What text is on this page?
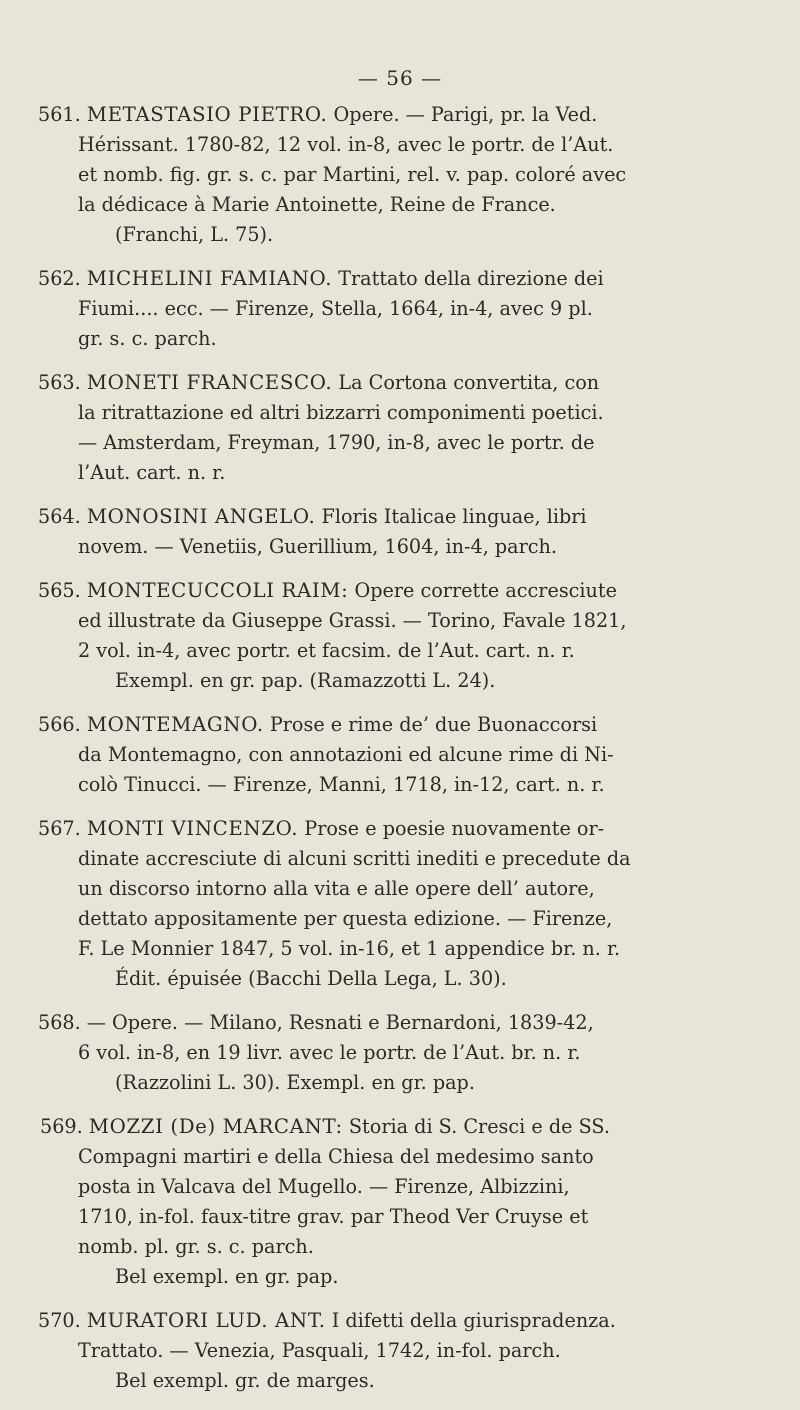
— 56 —
561. METASTASIO PIETRO. Opere. — Parigi, pr. la Ved.
Hérissant. 1780-82, 12 vol. in-8, avec le portr. de l’Aut.
et nomb. fig. gr. s. c. par Martini, rel. v. pap. coloré avec
la dédicace à Marie Antoinette, Reine de France.
(Franchi, L. 75).
562. MICHELINI FAMIANO. Trattato della direzione dei
Fiumi.... ecc. — Firenze, Stella, 1664, in-4, avec 9 pl.
gr. s. c. parch.
563. MONETI FRANCESCO. La Cortona convertita, con
la ritrattazione ed altri bizzarri componimenti poetici.
— Amsterdam, Freyman, 1790, in-8, avec le portr. de
l’Aut. cart. n. r.
564. MONOSINI ANGELO. Floris Italicae linguae, libri
novem. — Venetiis, Guerillium, 1604, in-4, parch.
565. MONTECUCCOLI RAIM: Opere corrette accresciute
ed illustrate da Giuseppe Grassi. — Torino, Favale 1821,
2 vol. in-4, avec portr. et facsim. de l’Aut. cart. n. r.
Exempl. en gr. pap. (Ramazzotti L. 24).
566. MONTEMAGNO. Prose e rime de’ due Buonaccorsi
da Montemagno, con annotazioni ed alcune rime di Ni-
colò Tinucci. — Firenze, Manni, 1718, in-12, cart. n. r.
567. MONTI VINCENZO. Prose e poesie nuovamente or-
dinate accresciute di alcuni scritti inediti e precedute da
un discorso intorno alla vita e alle opere dell’ autore,
dettato appositamente per questa edizione. — Firenze,
F. Le Monnier 1847, 5 vol. in-16, et 1 appendice br. n. r.
Édit. épuisée (Bacchi Della Lega, L. 30).
568. — Opere. — Milano, Resnati e Bernardoni, 1839-42,
6 vol. in-8, en 19 livr. avec le portr. de l’Aut. br. n. r.
(Razzolini L. 30). Exempl. en gr. pap.
569. MOZZI (De) MARCANT: Storia di S. Cresci e de SS.
Compagni martiri e della Chiesa del medesimo santo
posta in Valcava del Mugello. — Firenze, Albizzini,
1710, in-fol. faux-titre grav. par Theod Ver Cruyse et
nomb. pl. gr. s. c. parch.
Bel exempl. en gr. pap.
570. MURATORI LUD. ANT. I difetti della giurispradenza.
Trattato. — Venezia, Pasquali, 1742, in-fol. parch.
Bel exempl. gr. de marges.
